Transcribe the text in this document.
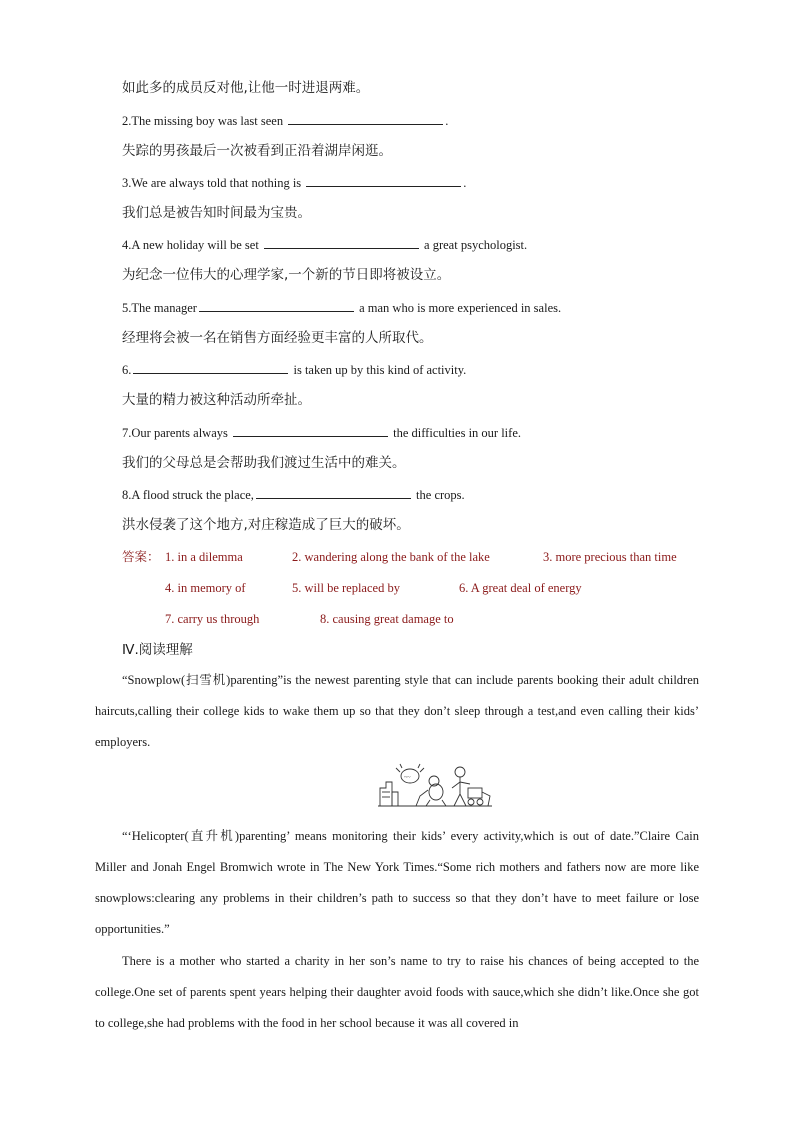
如此多的成员反对他,让他一时进退两难。
2.The missing boy was last seen	.
失踪的男孩最后一次被看到正沿着湖岸闲逛。
3.We are always told that nothing is	.
我们总是被告知时间最为宝贵。
4.A new holiday will be set	a great psychologist.
为纪念一位伟大的心理学家,一个新的节日即将被设立。
5.The manager	a man who is more experienced in sales.
经理将会被一名在销售方面经验更丰富的人所取代。
6.	is taken up by this kind of activity.
大量的精力被这种活动所牵扯。
7.Our parents always	the difficulties in our life.
我们的父母总是会帮助我们渡过生活中的难关。
8.A flood struck the place,	the crops.
洪水侵袭了这个地方,对庄稼造成了巨大的破坏。
答案： 1. in a dilemma	2. wandering along the bank of the lake	3. more precious than time
4. in memory of	5. will be replaced by	6. A great deal of energy
7. carry us through	8. causing great damage to
Ⅳ.阅读理解
“Snowplow(扫雪机)parenting”is the newest parenting style that can include parents booking their adult children haircuts,calling their college kids to wake them up so that they don’t sleep through a test,and even calling their kids’ employers.
~~
“‘Helicopter(直升机)parenting’ means monitoring their kids’ every activity,which is out of date.”Claire Cain Miller and Jonah Engel Bromwich wrote in The New York Times.“Some rich mothers and fathers now are more like snowplows:clearing any problems in their children’s path to success so that they don’t have to meet failure or lose opportunities.”
There is a mother who started a charity in her son’s name to try to raise his chances of being accepted to the college.One set of parents spent years helping their daughter avoid foods with sauce,which she didn’t like.Once she got to college,she had problems with the food in her school because it was all covered in
